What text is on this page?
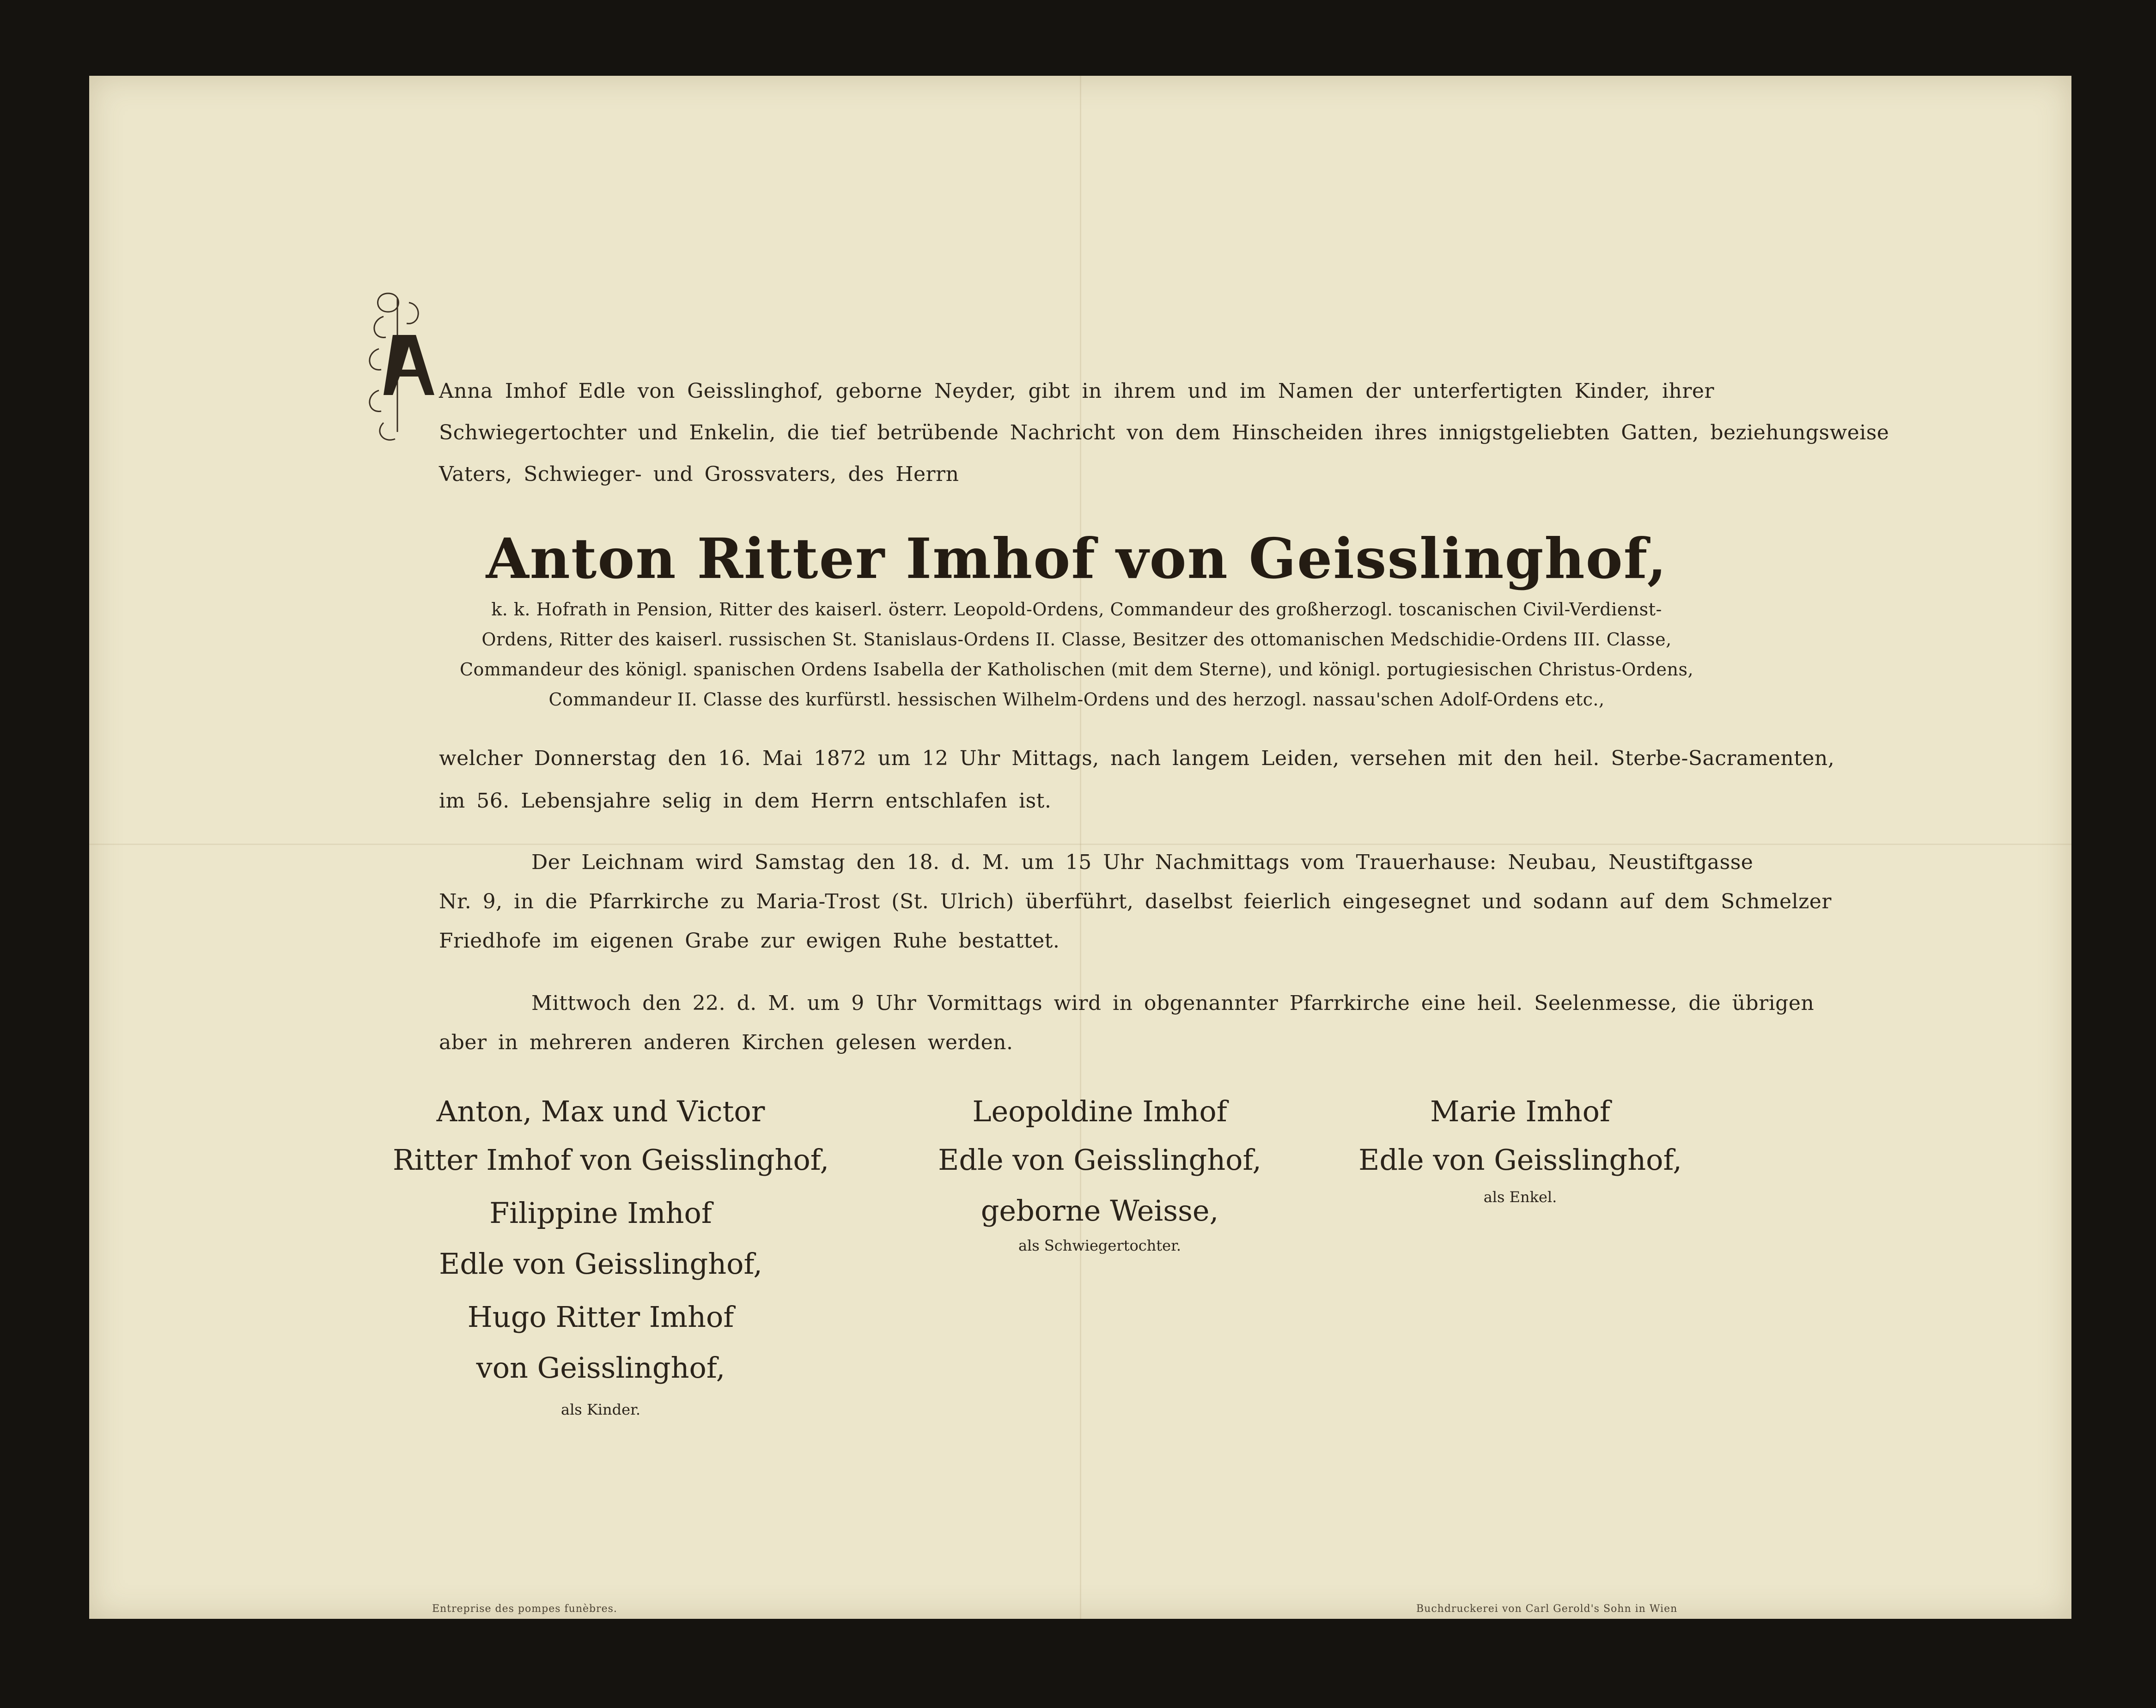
Anna Imhof Edle von Geisslinghof, geborne Neyder, gibt in ihrem und im Namen der unterfertigten Kinder, ihrer
Schwiegertochter und Enkelin, die tief betrübende Nachricht von dem Hinscheiden ihres innigstgeliebten Gatten, beziehungsweise
Vaters, Schwieger- und Grossvaters, des Herrn
Anton Ritter Imhof von Geisslinghof,
k. k. Hofrath in Pension, Ritter des kaiserl. österr. Leopold-Ordens, Commandeur des großherzogl. toscanischen Civil-Verdienst-
Ordens, Ritter des kaiserl. russischen St. Stanislaus-Ordens II. Classe, Besitzer des ottomanischen Medschidie-Ordens III. Classe,
Commandeur des königl. spanischen Ordens Isabella der Katholischen (mit dem Sterne), und königl. portugiesischen Christus-Ordens,
Commandeur II. Classe des kurfürstl. hessischen Wilhelm-Ordens und des herzogl. nassau'schen Adolf-Ordens etc.,
welcher Donnerstag den 16. Mai 1872 um 12 Uhr Mittags, nach langem Leiden, versehen mit den heil. Sterbe-Sacramenten,
im 56. Lebensjahre selig in dem Herrn entschlafen ist.
Der Leichnam wird Samstag den 18. d. M. um 15 Uhr Nachmittags vom Trauerhause: Neubau, Neustiftgasse
Nr. 9, in die Pfarrkirche zu Maria-Trost (St. Ulrich) überführt, daselbst feierlich eingesegnet und sodann auf dem Schmelzer
Friedhofe im eigenen Grabe zur ewigen Ruhe bestattet.
Mittwoch den 22. d. M. um 9 Uhr Vormittags wird in obgenannter Pfarrkirche eine heil. Seelenmesse, die übrigen
aber in mehreren anderen Kirchen gelesen werden.
Anton, Max und Victor
Ritter Imhof von Geisslinghof,
Filippine Imhof
Edle von Geisslinghof,
Hugo Ritter Imhof
von Geisslinghof,
als Kinder.
Leopoldine Imhof
Edle von Geisslinghof,
geborne Weisse,
als Schwiegertochter.
Marie Imhof
Edle von Geisslinghof,
als Enkel.
Entreprise des pompes funèbres.	Buchdruckerei von Carl Gerold's Sohn in Wien
